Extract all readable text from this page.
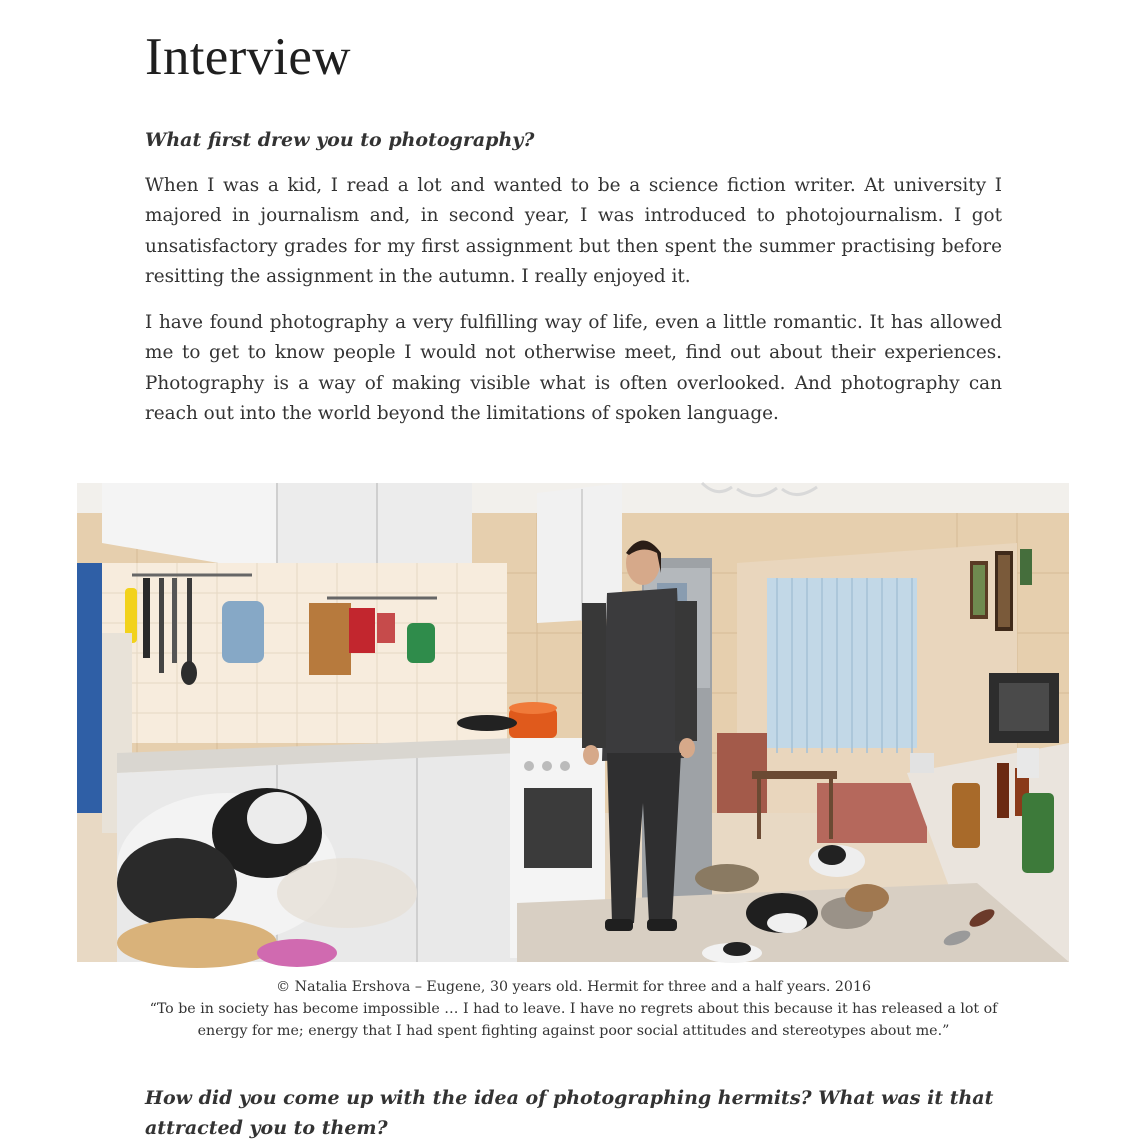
Interview
What first drew you to photography?

When I was a kid, I read a lot and wanted to be a science fiction writer. At university I majored in journalism and, in second year, I was introduced to photojournalism. I got unsatisfactory grades for my first assignment but then spent the summer practising before resitting the assignment in the autumn. I really enjoyed it.

I have found photography a very fulfilling way of life, even a little romantic. It has allowed me to get to know people I would not otherwise meet, find out about their experiences. Photography is a way of making visible what is often overlooked. And photography can reach out into the world beyond the limitations of spoken language.

© Natalia Ershova – Eugene, 30 years old. Hermit for three and a half years. 2016
“To be in society has become impossible … I had to leave. I have no regrets about this because it has released a lot of energy for me; energy that I had spent fighting against poor social attitudes and stereotypes about me.”
How did you come up with the idea of photographing hermits? What was it that attracted you to them?
